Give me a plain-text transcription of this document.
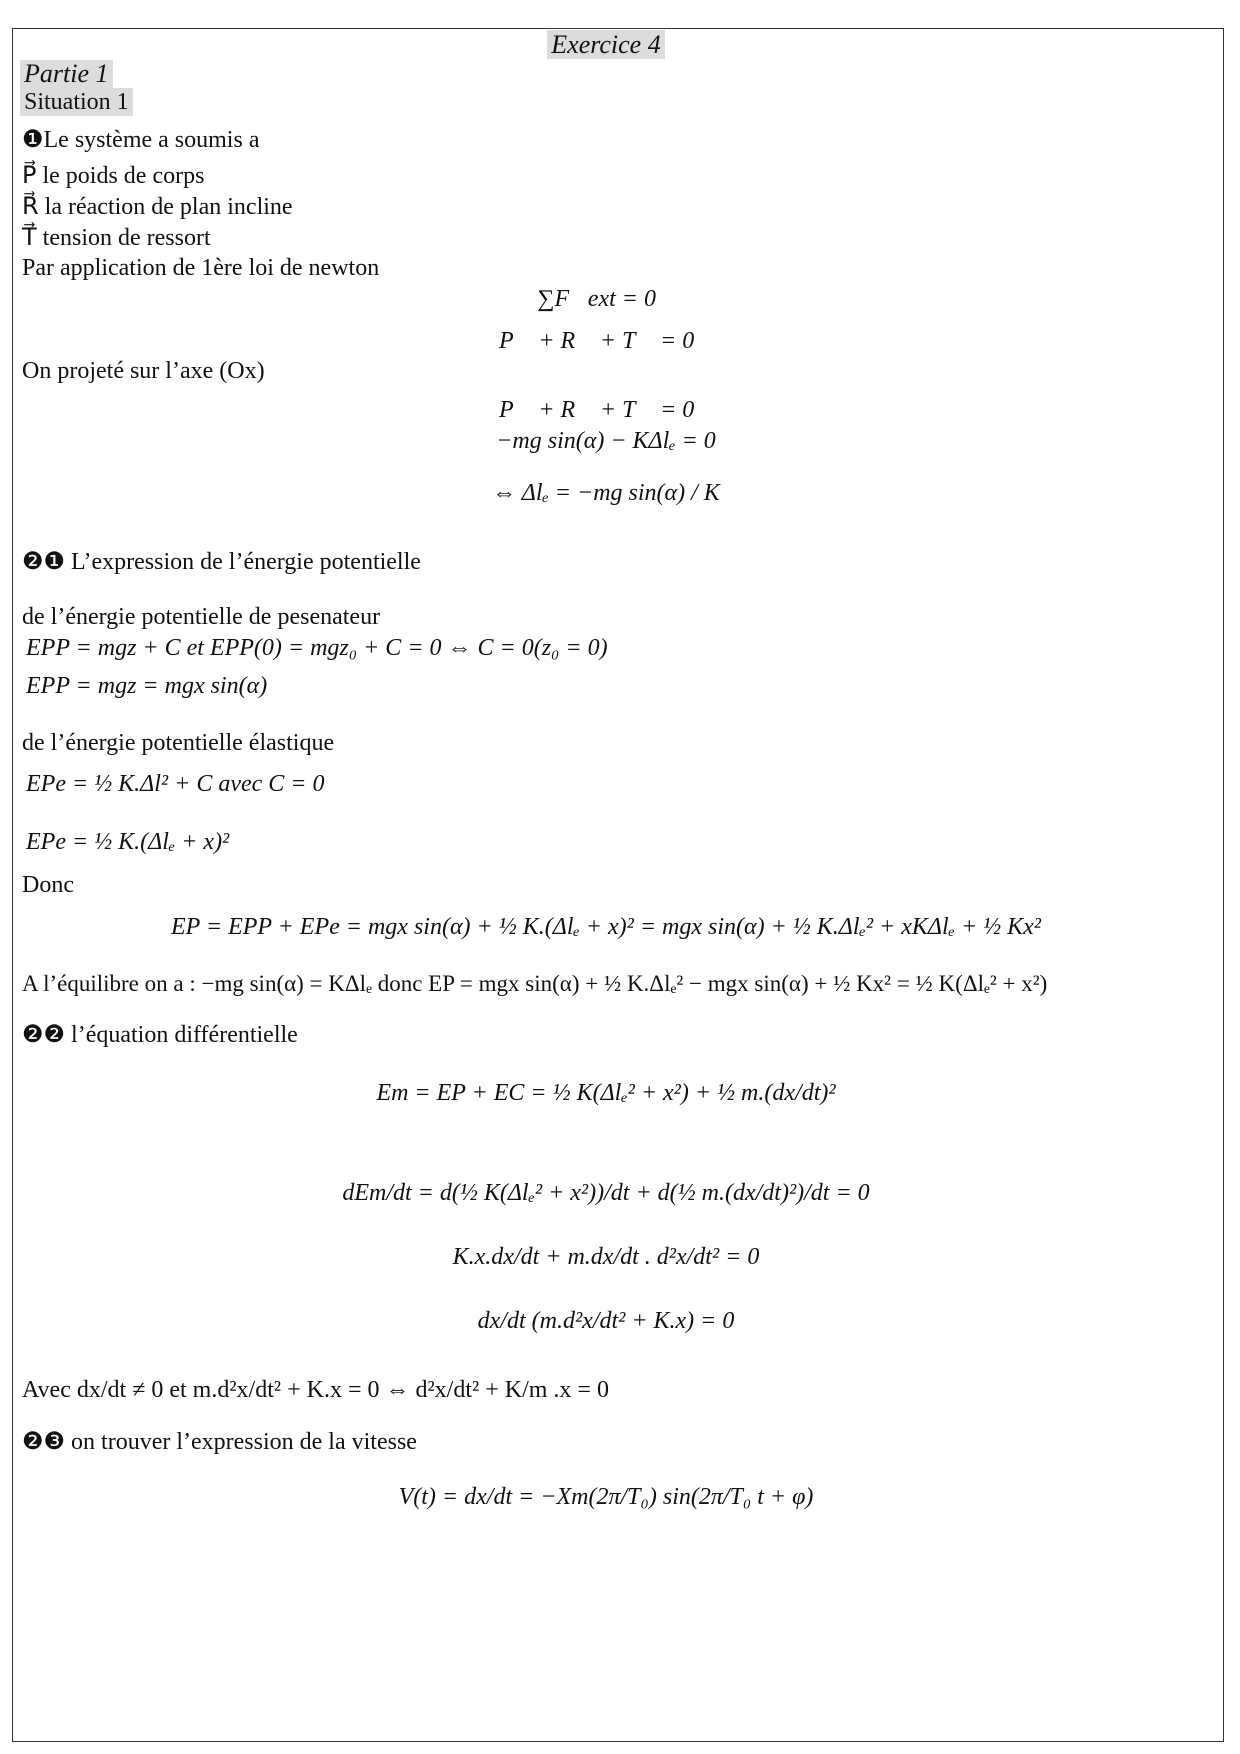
Exercice 4
Partie 1
Situation 1
❶Le système a soumis a
P⃗ le poids de corps
R⃗ la réaction de plan incline
T⃗ tension de ressort
Par application de 1ère loi de newton
∑F⃗ext = 0⃗
P⃗ + R⃗ + T⃗ = 0⃗
On projeté sur l’axe (Ox)
P⃗ + R⃗ + T⃗ = 0⃗
−mg sin(α) − KΔlₑ = 0
⇔ Δlₑ = −mg sin(α) / K
❷❶ L’expression de l’énergie potentielle
de l’énergie potentielle de pesenateur
EPP = mgz + C et EPP(0) = mgz₀ + C = 0 ⇔ C = 0(z₀ = 0)
EPP = mgz = mgx sin(α)
de l’énergie potentielle élastique
EPe = ½ K.Δl² + C avec C = 0
EPe = ½ K.(Δlₑ + x)²
Donc
EP = EPP + EPe = mgx sin(α) + ½ K.(Δlₑ + x)² = mgx sin(α) + ½ K.Δlₑ² + xKΔlₑ + ½ Kx²
A l’équilibre on a : −mg sin(α) = KΔlₑ donc EP = mgx sin(α) + ½ K.Δlₑ² − mgx sin(α) + ½ Kx² = ½ K(Δlₑ² + x²)
❷❷ l’équation différentielle
Em = EP + EC = ½ K(Δlₑ² + x²) + ½ m.(dx/dt)²
dEm/dt = d(½ K(Δlₑ² + x²))/dt + d(½ m.(dx/dt)²)/dt = 0
K.x.dx/dt + m.dx/dt . d²x/dt² = 0
dx/dt (m.d²x/dt² + K.x) = 0
Avec dx/dt ≠ 0 et m.d²x/dt² + K.x = 0 ⇔ d²x/dt² + K/m .x = 0
❷❸ on trouver l’expression de la vitesse
V(t) = dx/dt = −Xm(2π/T₀) sin(2π/T₀ t + φ)
